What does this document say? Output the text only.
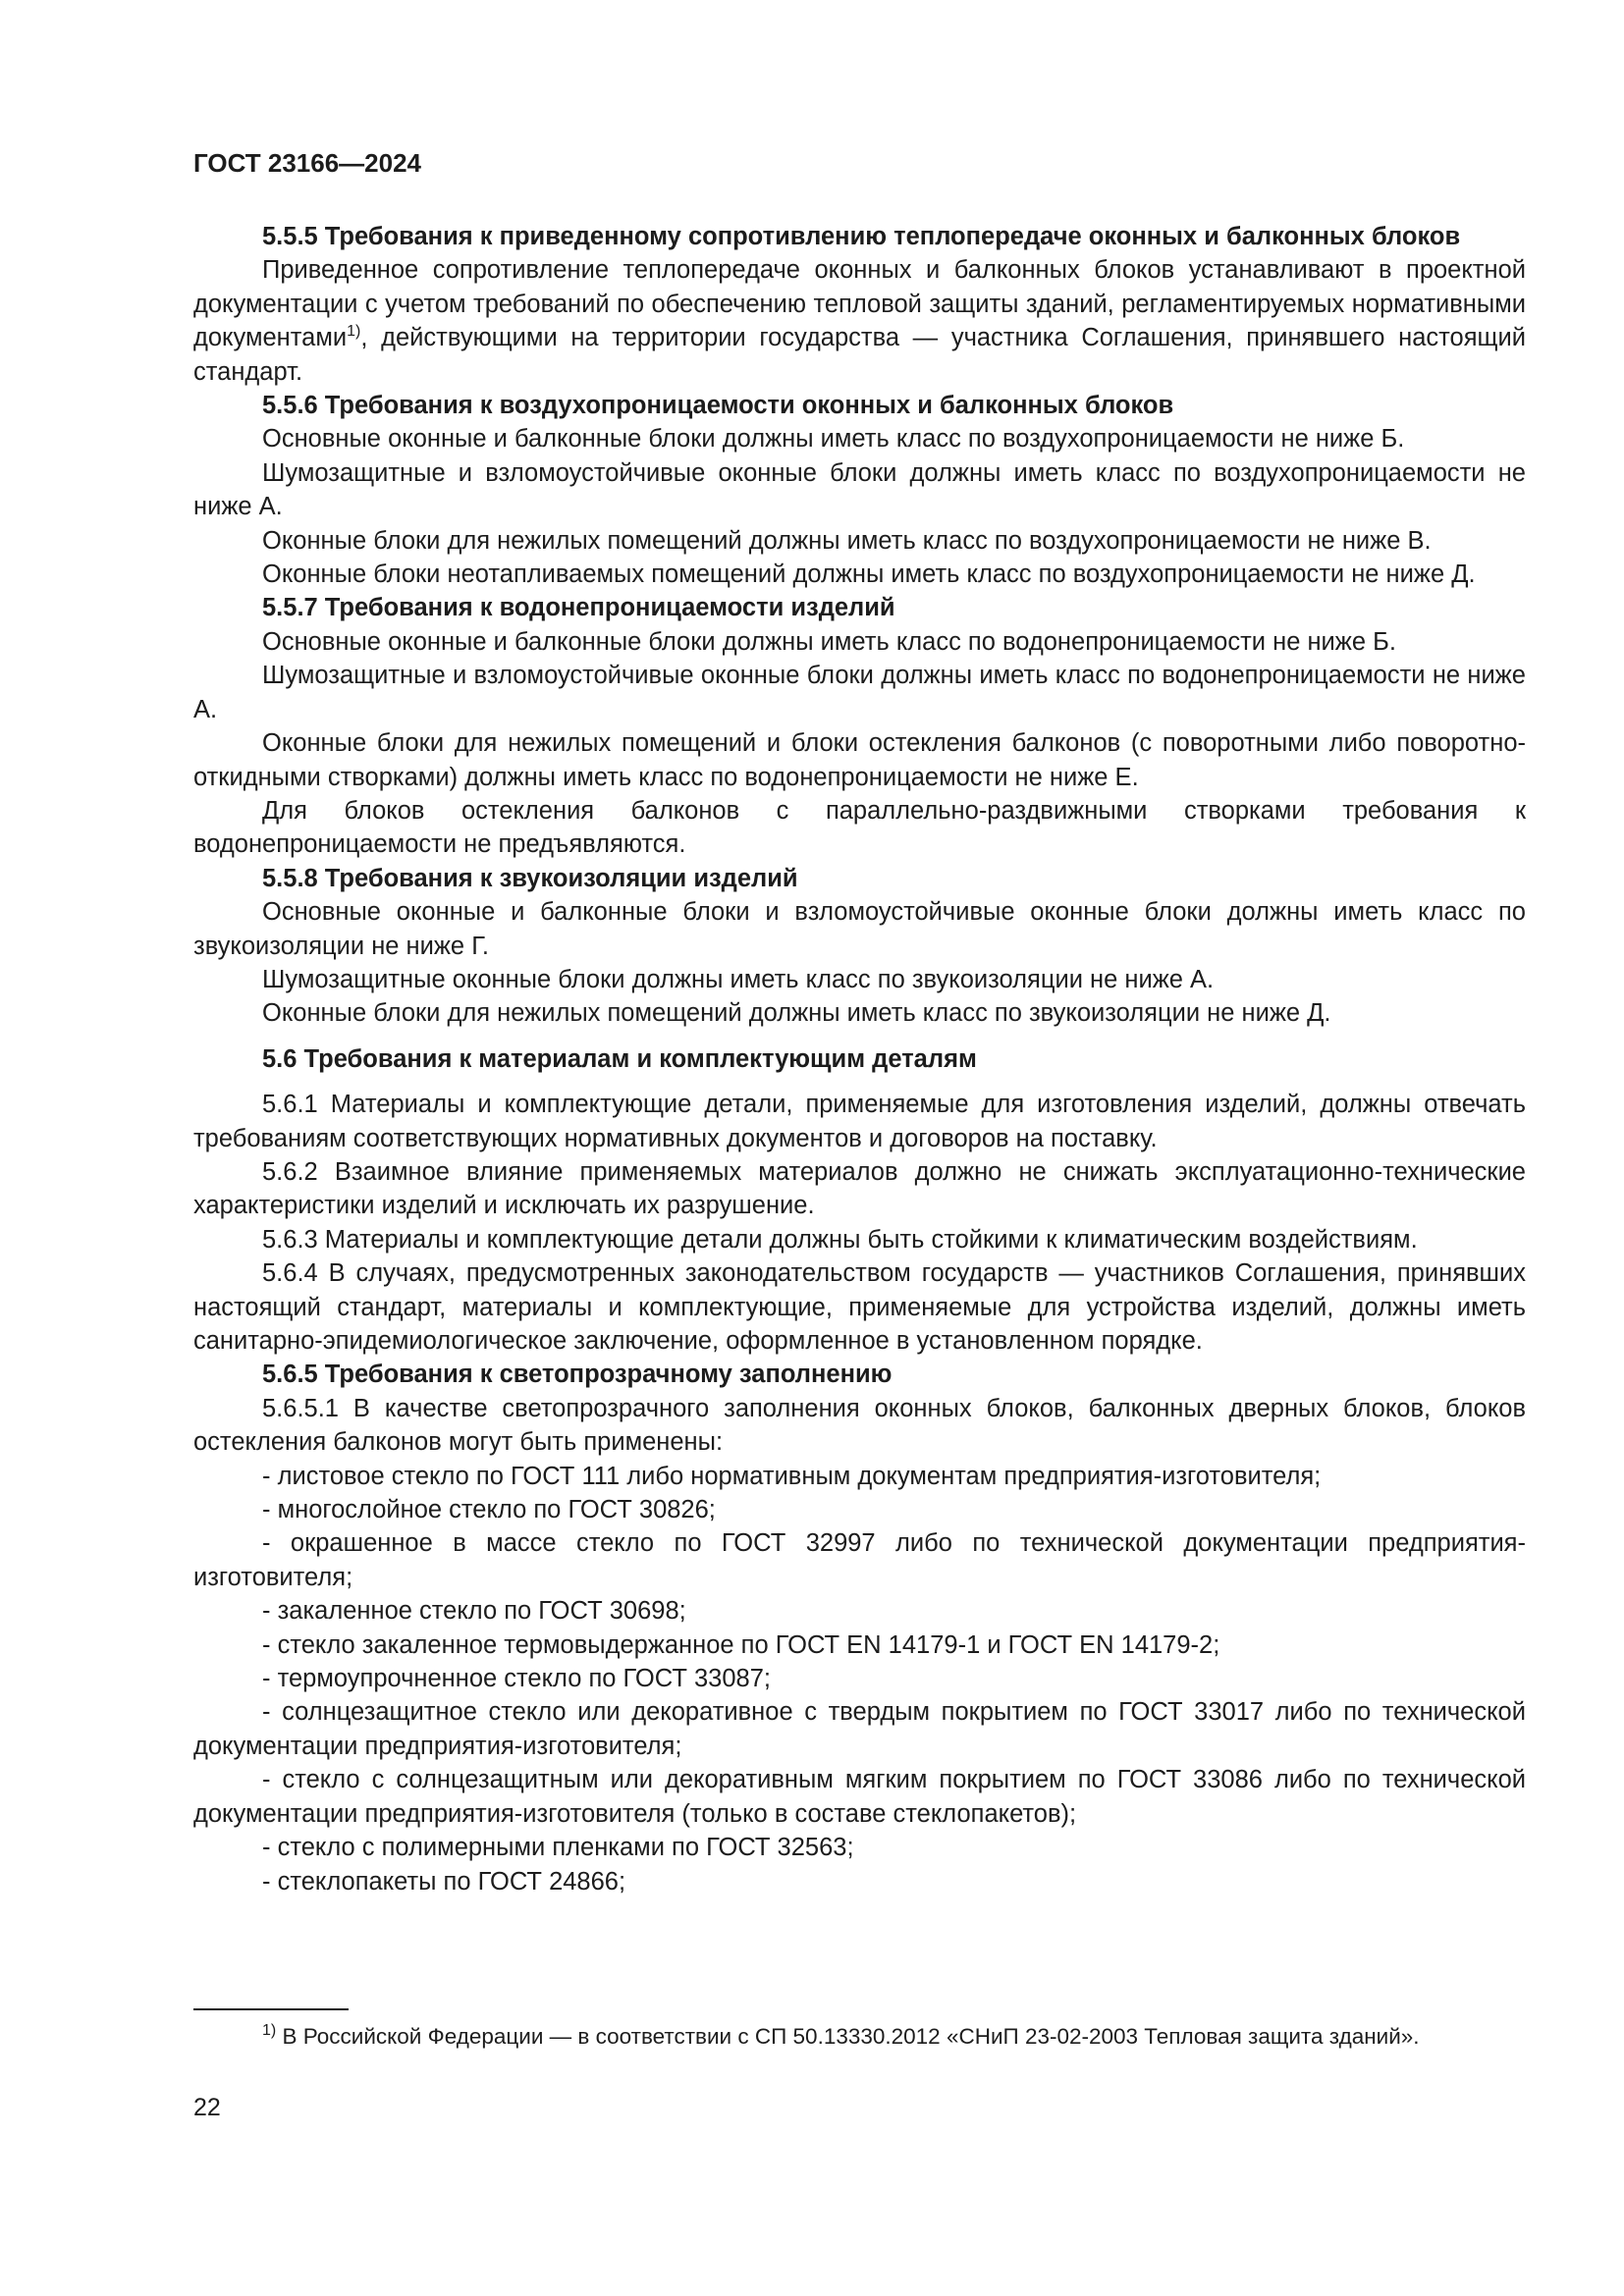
ГОСТ 23166—2024

5.5.5 Требования к приведенному сопротивлению теплопередаче оконных и балконных блоков

Приведенное сопротивление теплопередаче оконных и балконных блоков устанавливают в проектной документации с учетом требований по обеспечению тепловой защиты зданий, регламентируемых нормативными документами$^{1)}$, действующими на территории государства — участника Соглашения, принявшего настоящий стандарт.

5.5.6 Требования к воздухопроницаемости оконных и балконных блоков

Основные оконные и балконные блоки должны иметь класс по воздухопроницаемости не ниже Б.

Шумозащитные и взломоустойчивые оконные блоки должны иметь класс по воздухопроницаемости не ниже А.

Оконные блоки для нежилых помещений должны иметь класс по воздухопроницаемости не ниже В.

Оконные блоки неотапливаемых помещений должны иметь класс по воздухопроницаемости не ниже Д.

5.5.7 Требования к водонепроницаемости изделий

Основные оконные и балконные блоки должны иметь класс по водонепроницаемости не ниже Б.

Шумозащитные и взломоустойчивые оконные блоки должны иметь класс по водонепроницаемости не ниже А.

Оконные блоки для нежилых помещений и блоки остекления балконов (с поворотными либо поворотно-откидными створками) должны иметь класс по водонепроницаемости не ниже Е.

Для блоков остекления балконов с параллельно-раздвижными створками требования к водонепроницаемости не предъявляются.

5.5.8 Требования к звукоизоляции изделий

Основные оконные и балконные блоки и взломоустойчивые оконные блоки должны иметь класс по звукоизоляции не ниже Г.

Шумозащитные оконные блоки должны иметь класс по звукоизоляции не ниже А.

Оконные блоки для нежилых помещений должны иметь класс по звукоизоляции не ниже Д.

5.6 Требования к материалам и комплектующим деталям

5.6.1 Материалы и комплектующие детали, применяемые для изготовления изделий, должны отвечать требованиям соответствующих нормативных документов и договоров на поставку.

5.6.2 Взаимное влияние применяемых материалов должно не снижать эксплуатационно-технические характеристики изделий и исключать их разрушение.

5.6.3 Материалы и комплектующие детали должны быть стойкими к климатическим воздействиям.

5.6.4 В случаях, предусмотренных законодательством государств — участников Соглашения, принявших настоящий стандарт, материалы и комплектующие, применяемые для устройства изделий, должны иметь санитарно-эпидемиологическое заключение, оформленное в установленном порядке.

5.6.5 Требования к светопрозрачному заполнению

5.6.5.1 В качестве светопрозрачного заполнения оконных блоков, балконных дверных блоков, блоков остекления балконов могут быть применены:

- листовое стекло по ГОСТ 111 либо нормативным документам предприятия-изготовителя;

- многослойное стекло по ГОСТ 30826;

- окрашенное в массе стекло по ГОСТ 32997 либо по технической документации предприятия-изготовителя;

- закаленное стекло по ГОСТ 30698;

- стекло закаленное термовыдержанное по ГОСТ EN 14179-1 и ГОСТ EN 14179-2;

- термоупрочненное стекло по ГОСТ 33087;

- солнцезащитное стекло или декоративное с твердым покрытием по ГОСТ 33017 либо по технической документации предприятия-изготовителя;

- стекло с солнцезащитным или декоративным мягким покрытием по ГОСТ 33086 либо по технической документации предприятия-изготовителя (только в составе стеклопакетов);

- стекло с полимерными пленками по ГОСТ 32563;

- стеклопакеты по ГОСТ 24866;

$^{1)}$ В Российской Федерации — в соответствии с СП 50.13330.2012 «СНиП 23-02-2003 Тепловая защита зданий».

22
